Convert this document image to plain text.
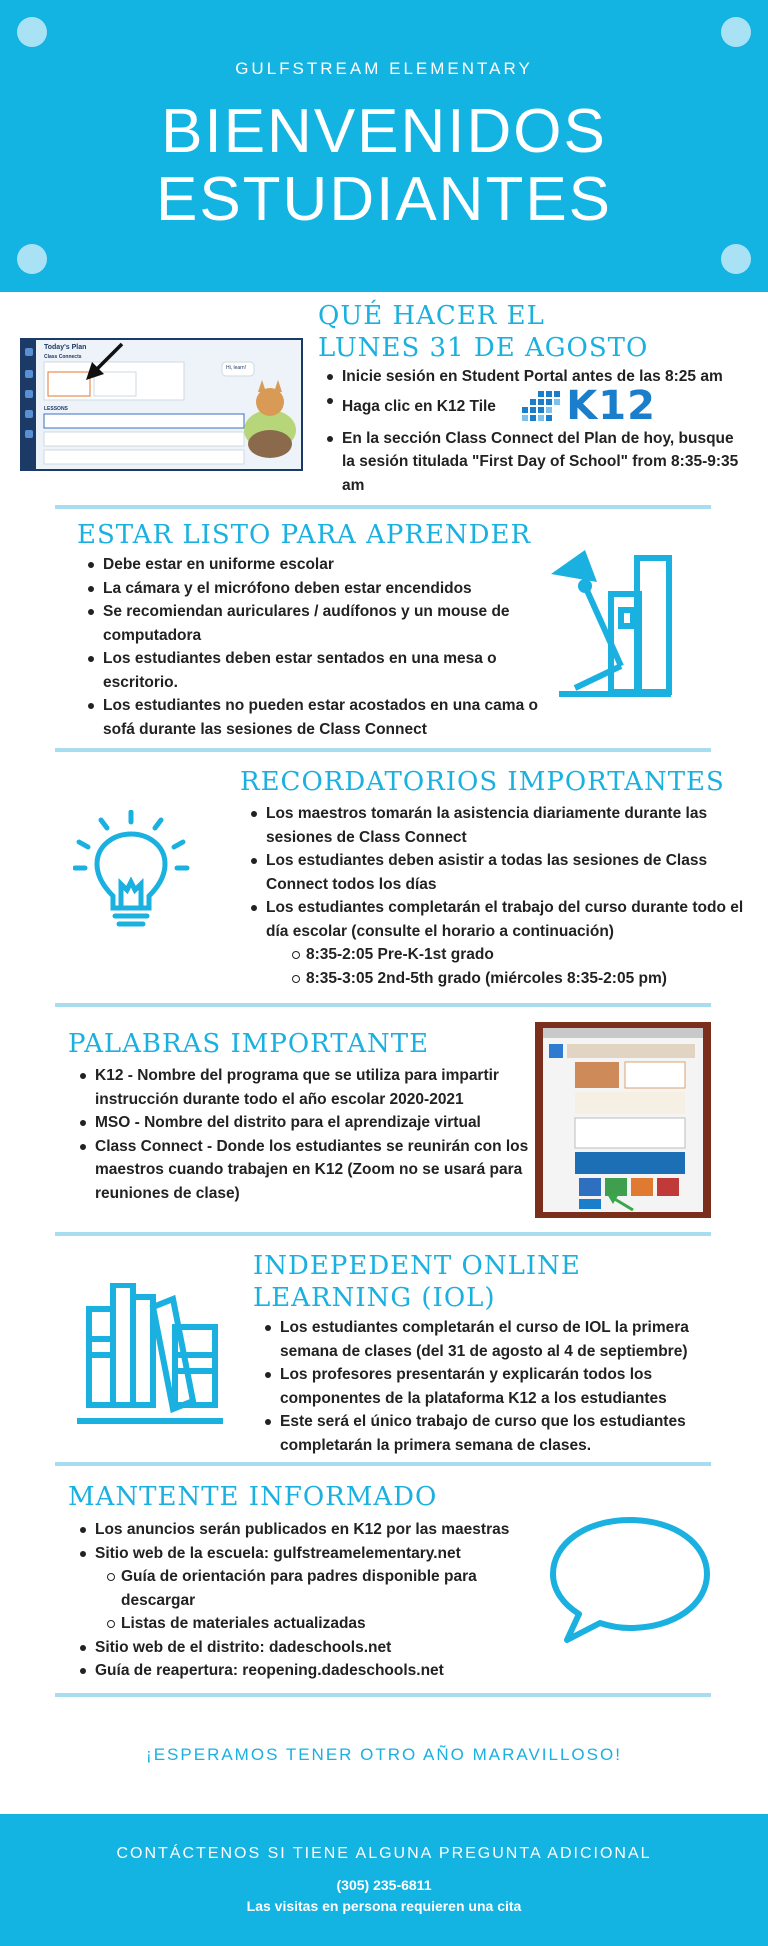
GULFSTREAM ELEMENTARY
BIENVENIDOS
ESTUDIANTES
Today's Plan
Class Connects
LESSONS
Hi, learn!
QUÉ HACER EL
LUNES 31 DE AGOSTO
Inicie sesión en Student Portal antes de las 8:25 am
Haga clic en K12 Tile K12
En la sección Class Connect del Plan de hoy, busque la sesión titulada "First Day of School" from 8:35-9:35 am
ESTAR LISTO PARA APRENDER
Debe estar en uniforme escolar
La cámara y el micrófono deben estar encendidos
Se recomiendan auriculares / audífonos y un mouse de computadora
Los estudiantes deben estar sentados en una mesa o escritorio.
Los estudiantes no pueden estar acostados en una cama o sofá durante las sesiones de Class Connect
RECORDATORIOS IMPORTANTES
Los maestros tomarán la asistencia diariamente durante las sesiones de Class Connect
Los estudiantes deben asistir a todas las sesiones de Class Connect todos los días
Los estudiantes completarán el trabajo del curso durante todo el día escolar (consulte el horario a continuación)
8:35-2:05 Pre-K-1st grado
8:35-3:05 2nd-5th grado (miércoles 8:35-2:05 pm)
PALABRAS IMPORTANTE
K12 - Nombre del programa que se utiliza para impartir instrucción durante todo el año escolar 2020-2021
MSO - Nombre del distrito para el aprendizaje virtual
Class Connect - Donde los estudiantes se reunirán con los maestros cuando trabajen en K12 (Zoom no se usará para reuniones de clase)
INDEPEDENT ONLINE
LEARNING (IOL)
Los estudiantes completarán el curso de IOL la primera semana de clases (del 31 de agosto al 4 de septiembre)
Los profesores presentarán y explicarán todos los componentes de la plataforma K12 a los estudiantes
Este será el único trabajo de curso que los estudiantes completarán la primera semana de clases.
MANTENTE INFORMADO
Los anuncios serán publicados en K12 por las maestras
Sitio web de la escuela: gulfstreamelementary.net
Guía de orientación para padres disponible para descargar
Listas de materiales actualizadas
Sitio web de el distrito: dadeschools.net
Guía de reapertura: reopening.dadeschools.net
¡ESPERAMOS TENER OTRO AÑO MARAVILLOSO!
CONTÁCTENOS SI TIENE ALGUNA PREGUNTA ADICIONAL
(305) 235-6811
Las visitas en persona requieren una cita
